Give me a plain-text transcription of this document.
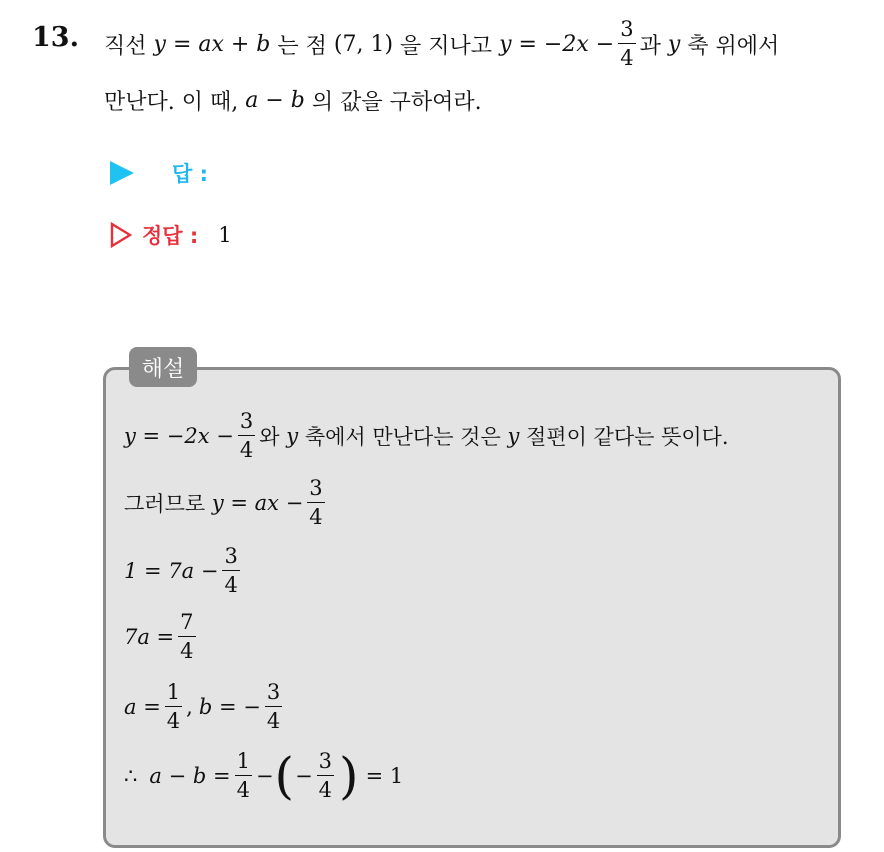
13. 직선
y = ax + b
는 점
(7, 1)
을 지나고
$y = -2x - \frac{3}{4}$ 과
y
축 위에서
만난다. 이 때,
a − b
의 값을 구하여라.
답 :
정답 : 1
해설
$y = -2x - \frac{3}{4}$ 와
y
축에서 만난다는 것은
y
절편이 같다는 뜻이다.
그러므로
y = ax − $\frac{3}{4}$
$1 = 7a - \frac{3}{4}$
$7a = \frac{7}{4}$
$a = \frac{1}{4}$ , b = − $\frac{3}{4}$
∴ $a - b = \frac{1}{4}$ − ( − $\frac{3}{4}$ ) = 1
